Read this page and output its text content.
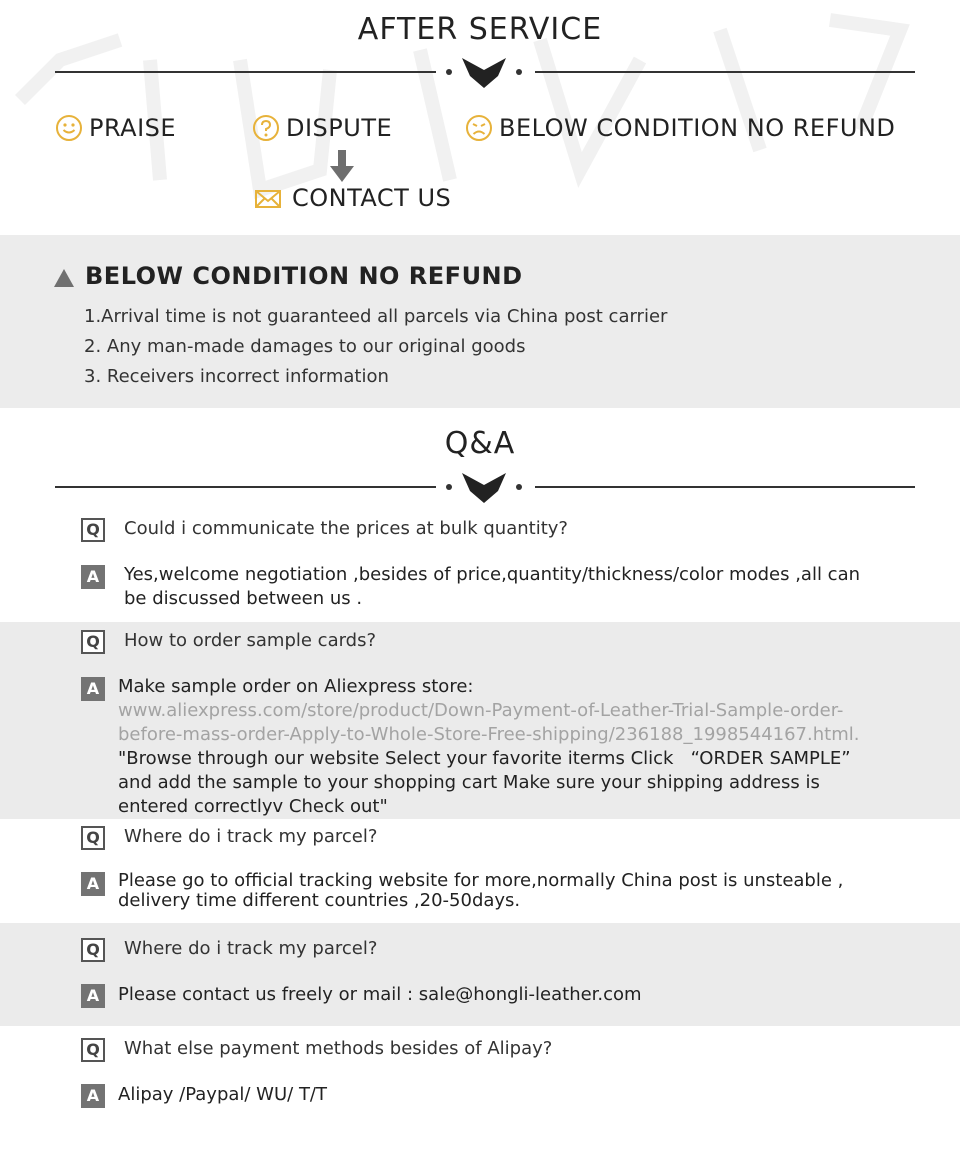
AFTER SERVICE
PRAISE	DISPUTE	BELOW CONDITION NO REFUND
CONTACT US
BELOW CONDITION NO REFUND
1.Arrival time is not guaranteed all parcels via China post carrier
2. Any man-made damages to our original goods
3. Receivers incorrect information
Q&A
Q Could i communicate the prices at bulk quantity?
A	Yes,welcome negotiation ,besides of price,quantity/thickness/color modes ,all can
be discussed between us .
Q How to order sample cards?
A	Make sample order on Aliexpress store:
www.aliexpress.com/store/product/Down-Payment-of-Leather-Trial-Sample-order-
before-mass-order-Apply-to-Whole-Store-Free-shipping/236188_1998544167.html.
"Browse through our website Select your favorite iterms Click   “ORDER SAMPLE”
and add the sample to your shopping cart Make sure your shipping address is
entered correctlyv Check out"
Q Where do i track my parcel?
A	Please go to official tracking website for more,normally China post is unsteable ,
delivery time different countries ,20-50days.
Q Where do i track my parcel?
A	Please contact us freely or mail : sale@hongli-leather.com
Q What else payment methods besides of Alipay?
A	Alipay /Paypal/ WU/ T/T
